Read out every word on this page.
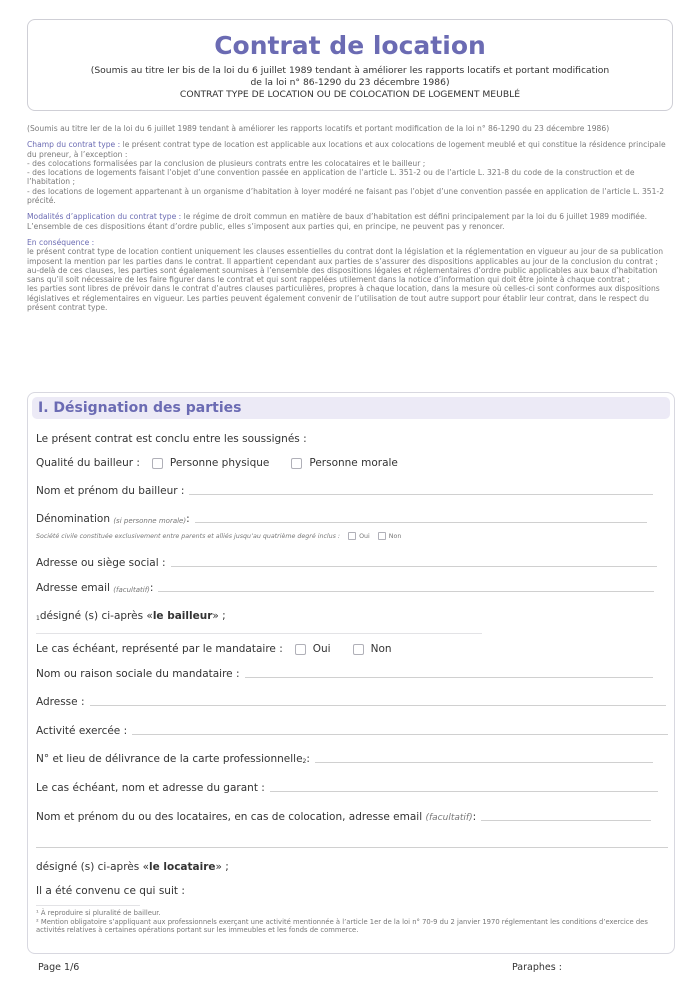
Contrat de location
(Soumis au titre Ier bis de la loi du 6 juillet 1989 tendant à améliorer les rapports locatifs et portant modification
de la loi n° 86-1290 du 23 décembre 1986)
CONTRAT TYPE DE LOCATION OU DE COLOCATION DE LOGEMENT MEUBLÉ

(Soumis au titre Ier de la loi du 6 juillet 1989 tendant à améliorer les rapports locatifs et portant modification de la loi n° 86-1290 du 23 décembre 1986)

Champ du contrat type : le présent contrat type de location est applicable aux locations et aux colocations de logement meublé et qui constitue la résidence principale du preneur, à l’exception :
- des colocations formalisées par la conclusion de plusieurs contrats entre les colocataires et le bailleur ;
- des locations de logements faisant l’objet d’une convention passée en application de l’article L. 351-2 ou de l’article L. 321-8 du code de la construction et de l’habitation ;
- des locations de logement appartenant à un organisme d’habitation à loyer modéré ne faisant pas l’objet d’une convention passée en application de l’article L. 351-2 précité.

Modalités d’application du contrat type : le régime de droit commun en matière de baux d’habitation est défini principalement par la loi du 6 juillet 1989 modifiée. L’ensemble de ces dispositions étant d’ordre public, elles s’imposent aux parties qui, en principe, ne peuvent pas y renoncer.

En conséquence :
le présent contrat type de location contient uniquement les clauses essentielles du contrat dont la législation et la réglementation en vigueur au jour de sa publication imposent la mention par les parties dans le contrat. Il appartient cependant aux parties de s’assurer des dispositions applicables au jour de la conclusion du contrat ;
au-delà de ces clauses, les parties sont également soumises à l’ensemble des dispositions légales et réglementaires d’ordre public applicables aux baux d’habitation sans qu’il soit nécessaire de les faire figurer dans le contrat et qui sont rappelées utilement dans la notice d’information qui doit être jointe à chaque contrat ;
les parties sont libres de prévoir dans le contrat d’autres clauses particulières, propres à chaque location, dans la mesure où celles-ci sont conformes aux dispositions législatives et réglementaires en vigueur. Les parties peuvent également convenir de l’utilisation de tout autre support pour établir leur contrat, dans le respect du présent contrat type.

I. Désignation des parties
Le présent contrat est conclu entre les soussignés :
Qualité du bailleur :	Personne physique	Personne morale
Nom et prénom du bailleur :
Dénomination
(si personne morale) :
Société civile constituée exclusivement entre parents et alliés jusqu’au quatrième degré inclus :	Oui	Non
Adresse ou siège social :
Adresse email
(facultatif) :
1 désigné (s) ci-après « le bailleur » ;
Le cas échéant, représenté par le mandataire :	Oui	Non
Nom ou raison sociale du mandataire :
Adresse :
Activité exercée :
N° et lieu de délivrance de la carte professionnelle$_2$ :
Le cas échéant, nom et adresse du garant :
Nom et prénom du ou des locataires, en cas de colocation, adresse email
(facultatif) :
désigné (s) ci-après « le locataire » ;
Il a été convenu ce qui suit :

¹ À reproduire si pluralité de bailleur.

² Mention obligatoire s’appliquant aux professionnels exerçant une activité mentionnée à l’article 1er de la loi n° 70-9 du 2 janvier 1970 réglementant les conditions d’exercice des activités relatives à certaines opérations portant sur les immeubles et les fonds de commerce.

Page 1/6	Paraphes :
